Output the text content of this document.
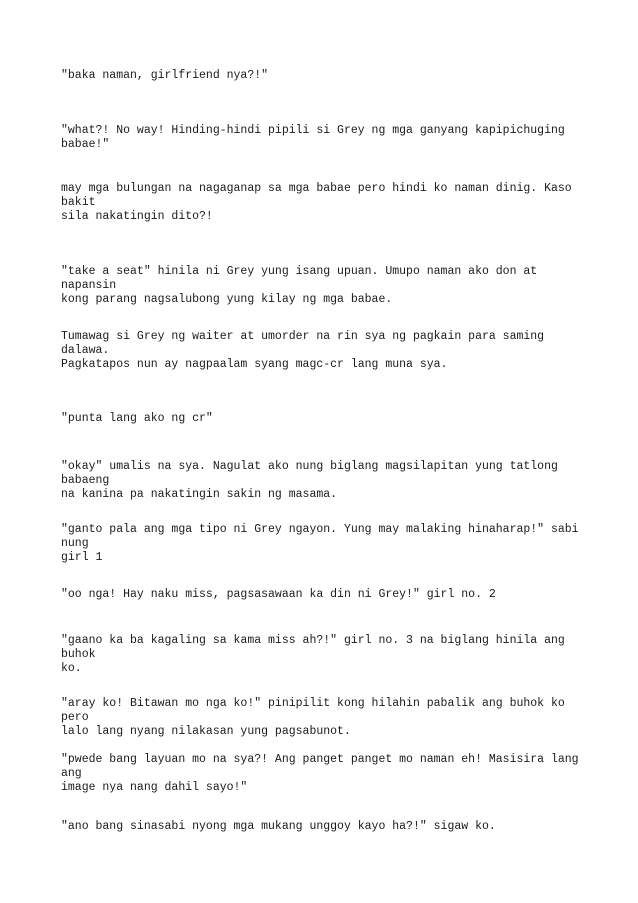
"baka naman, girlfriend nya?!"

"what?! No way! Hinding-hindi pipili si Grey ng mga ganyang kapipichuging
babae!"

may mga bulungan na nagaganap sa mga babae pero hindi ko naman dinig. Kaso bakit
sila nakatingin dito?!

"take a seat" hinila ni Grey yung isang upuan. Umupo naman ako don at napansin
kong parang nagsalubong yung kilay ng mga babae.

Tumawag si Grey ng waiter at umorder na rin sya ng pagkain para saming dalawa.
Pagkatapos nun ay nagpaalam syang magc-cr lang muna sya.

"punta lang ako ng cr"

"okay" umalis na sya. Nagulat ako nung biglang magsilapitan yung tatlong babaeng
na kanina pa nakatingin sakin ng masama.

"ganto pala ang mga tipo ni Grey ngayon. Yung may malaking hinaharap!" sabi nung
girl 1

"oo nga! Hay naku miss, pagsasawaan ka din ni Grey!" girl no. 2

"gaano ka ba kagaling sa kama miss ah?!" girl no. 3 na biglang hinila ang buhok
ko.

"aray ko! Bitawan mo nga ko!" pinipilit kong hilahin pabalik ang buhok ko pero
lalo lang nyang nilakasan yung pagsabunot.

"pwede bang layuan mo na sya?! Ang panget panget mo naman eh! Masisira lang ang
image nya nang dahil sayo!"

"ano bang sinasabi nyong mga mukang unggoy kayo ha?!" sigaw ko.
